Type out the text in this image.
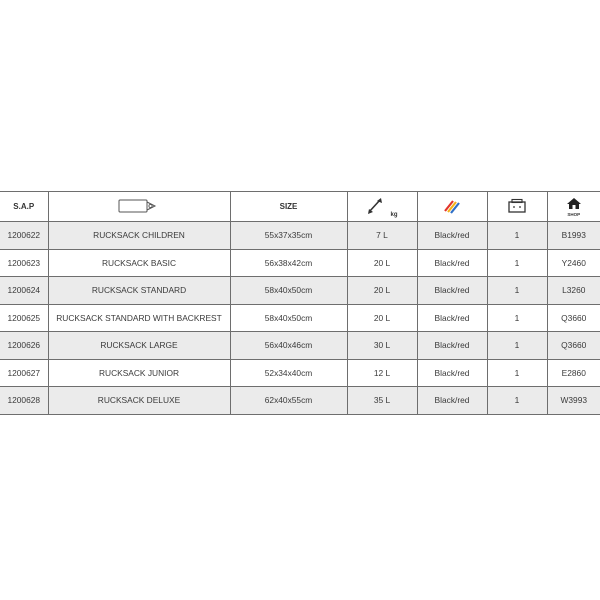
S.A.P		SIZE	kg			SHOP

1200622	RUCKSACK CHILDREN	55x37x35cm	7 L	Black/red	1	B1993
1200623	RUCKSACK BASIC	56x38x42cm	20 L	Black/red	1	Y2460
1200624	RUCKSACK STANDARD	58x40x50cm	20 L	Black/red	1	L3260
1200625	RUCKSACK STANDARD WITH BACKREST	58x40x50cm	20 L	Black/red	1	Q3660
1200626	RUCKSACK LARGE	56x40x46cm	30 L	Black/red	1	Q3660
1200627	RUCKSACK JUNIOR	52x34x40cm	12 L	Black/red	1	E2860
1200628	RUCKSACK DELUXE	62x40x55cm	35 L	Black/red	1	W3993
